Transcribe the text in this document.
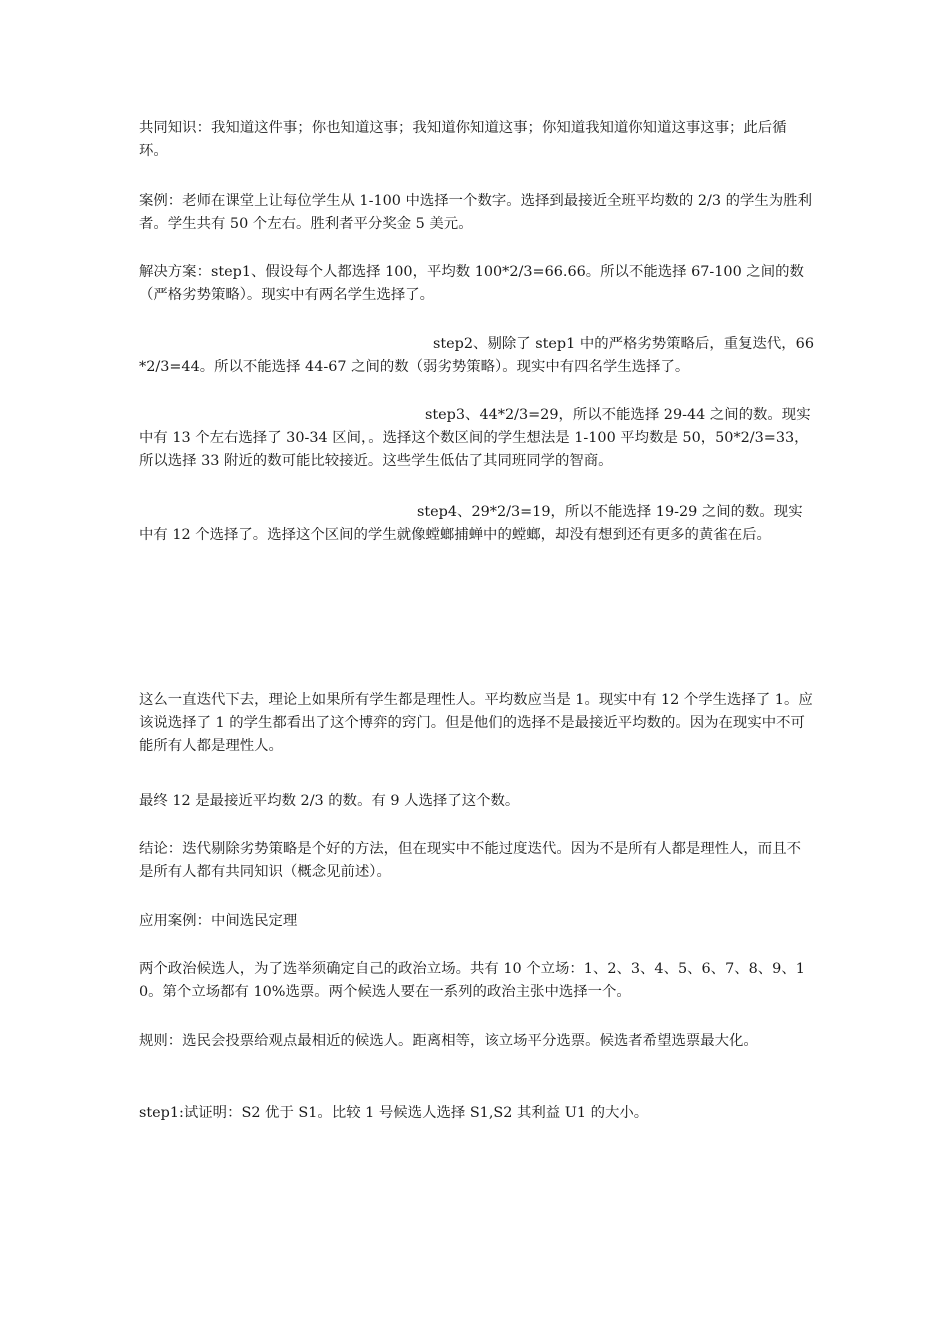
共同知识：我知道这件事；你也知道这事；我知道你知道这事；你知道我知道你知道这事这事；此后循环。

案例：老师在课堂上让每位学生从 1-100 中选择一个数字。选择到最接近全班平均数的 2/3 的学生为胜利者。学生共有 50 个左右。胜利者平分奖金 5 美元。

解决方案：step1、假设每个人都选择 100，平均数 100*2/3=66.66。所以不能选择 67-100 之间的数（严格劣势策略）。现实中有两名学生选择了。

step2、剔除了 step1 中的严格劣势策略后，重复迭代，66*2/3=44。所以不能选择 44-67 之间的数（弱劣势策略）。现实中有四名学生选择了。

step3、44*2/3=29，所以不能选择 29-44 之间的数。现实中有 13 个左右选择了 30-34 区间，。选择这个数区间的学生想法是 1-100 平均数是 50，50*2/3=33，所以选择 33 附近的数可能比较接近。这些学生低估了其同班同学的智商。

step4、29*2/3=19，所以不能选择 19-29 之间的数。现实中有 12 个选择了。选择这个区间的学生就像螳螂捕蝉中的螳螂，却没有想到还有更多的黄雀在后。

这么一直迭代下去，理论上如果所有学生都是理性人。平均数应当是 1。现实中有 12 个学生选择了 1。应该说选择了 1 的学生都看出了这个博弈的窍门。但是他们的选择不是最接近平均数的。因为在现实中不可能所有人都是理性人。

最终 12 是最接近平均数 2/3 的数。有 9 人选择了这个数。

结论：迭代剔除劣势策略是个好的方法，但在现实中不能过度迭代。因为不是所有人都是理性人，而且不是所有人都有共同知识（概念见前述）。

应用案例：中间选民定理

两个政治候选人，为了选举须确定自己的政治立场。共有 10 个立场：1、2、3、4、5、6、7、8、9、10。第个立场都有 10%选票。两个候选人要在一系列的政治主张中选择一个。

规则：选民会投票给观点最相近的候选人。距离相等，该立场平分选票。候选者希望选票最大化。

step1:试证明：S2 优于 S1。比较 1 号候选人选择 S1,S2 其利益 U1 的大小。
